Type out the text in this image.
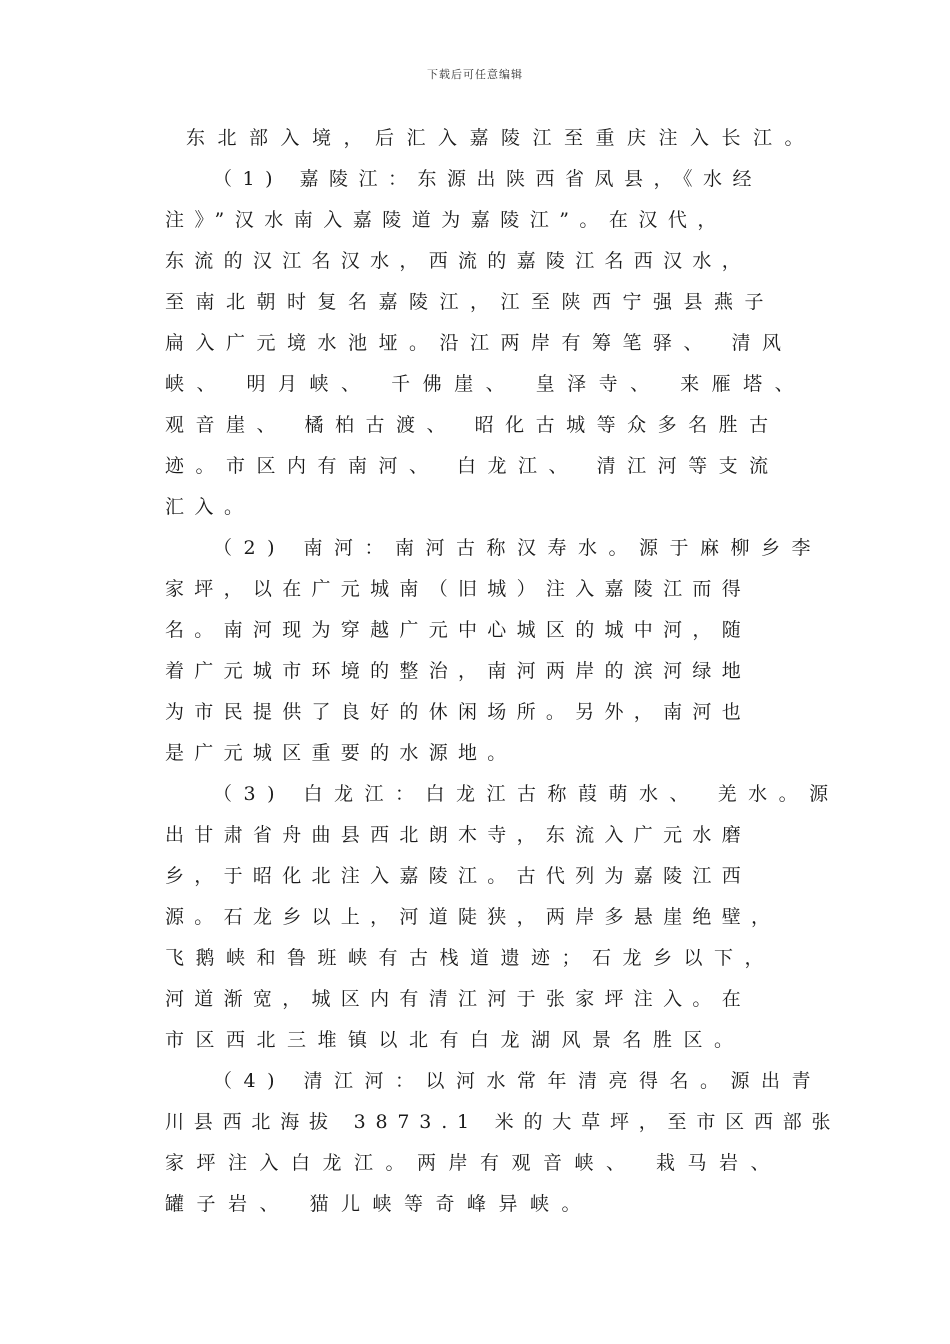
下载后可任意编辑
东北部入境，后汇入嘉陵江至重庆注入长江。
（1) 嘉陵江：东源出陕西省凤县，《水经
注》”汉水南入嘉陵道为嘉陵江”。在汉代，
东流的汉江名汉水，西流的嘉陵江名西汉水，
至南北朝时复名嘉陵江，江至陕西宁强县燕子
扁入广元境水池垭。沿江两岸有筹笔驿、 清风
峡、 明月峡、 千佛崖、 皇泽寺、 来雁塔、
观音崖、 橘柏古渡、 昭化古城等众多名胜古
迹。市区内有南河、 白龙江、 清江河等支流
汇入。
（2) 南河：南河古称汉寿水。源于麻柳乡李
家坪，以在广元城南（旧城）注入嘉陵江而得
名。南河现为穿越广元中心城区的城中河，随
着广元城市环境的整治，南河两岸的滨河绿地
为市民提供了良好的休闲场所。另外，南河也
是广元城区重要的水源地。
（3) 白龙江：白龙江古称葭萌水、 羌水。源
出甘肃省舟曲县西北朗木寺，东流入广元水磨
乡，于昭化北注入嘉陵江。古代列为嘉陵江西
源。石龙乡以上，河道陡狭，两岸多悬崖绝壁，
飞鹅峡和鲁班峡有古栈道遗迹；石龙乡以下，
河道渐宽，城区内有清江河于张家坪注入。在
市区西北三堆镇以北有白龙湖风景名胜区。
（4) 清江河：以河水常年清亮得名。源出青
川县西北海拔 3873.1 米的大草坪，至市区西部张
家坪注入白龙江。两岸有观音峡、 栽马岩、
罐子岩、 猫儿峡等奇峰异峡。
